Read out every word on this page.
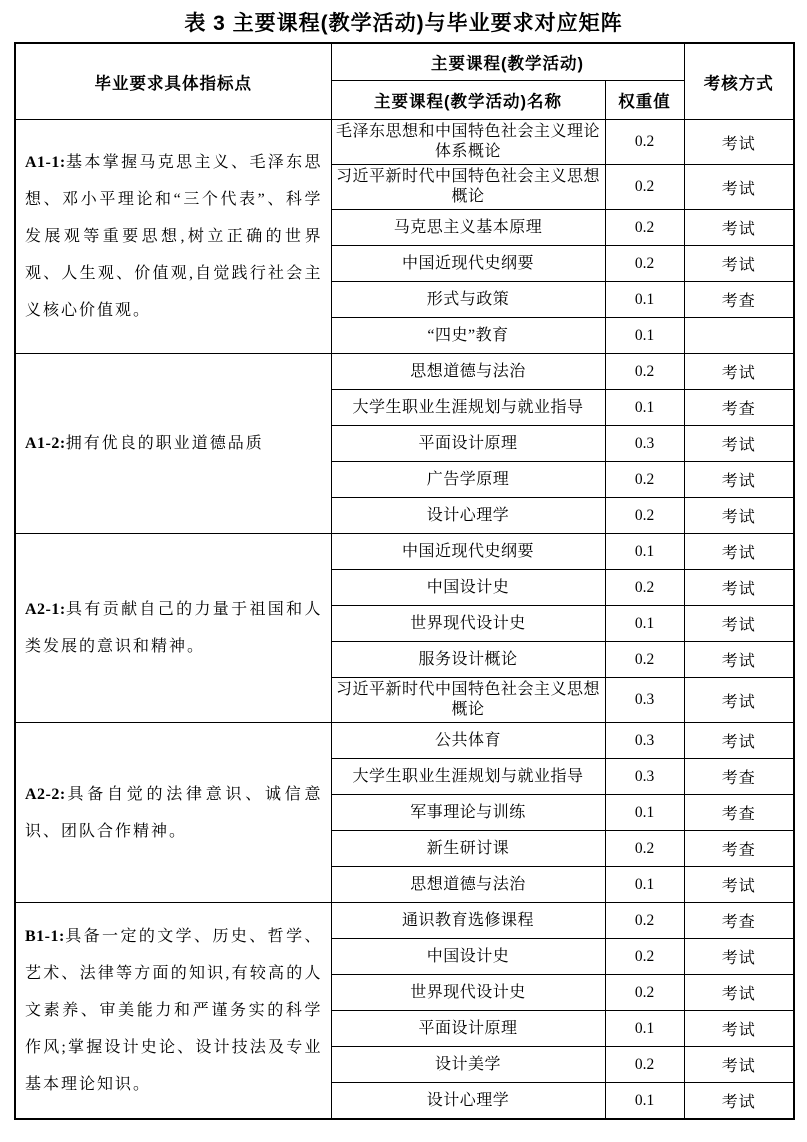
表 3 主要课程(教学活动)与毕业要求对应矩阵
毕业要求具体指标点	主要课程(教学活动)		考核方式
	主要课程(教学活动)名称	权重值	
A1-1:基本掌握马克思主义、毛泽东思想、邓小平理论和“三个代表”、科学发展观等重要思想,树立正确的世界观、人生观、价值观,自觉践行社会主义核心价值观。	毛泽东思想和中国特色社会主义理论体系概论	0.2	考试
	习近平新时代中国特色社会主义思想概论	0.2	考试
	马克思主义基本原理	0.2	考试
	中国近现代史纲要	0.2	考试
	形式与政策	0.1	考查
	“四史”教育	0.1	
A1-2:拥有优良的职业道德品质	思想道德与法治	0.2	考试
	大学生职业生涯规划与就业指导	0.1	考查
	平面设计原理	0.3	考试
	广告学原理	0.2	考试
	设计心理学	0.2	考试
A2-1:具有贡献自己的力量于祖国和人类发展的意识和精神。	中国近现代史纲要	0.1	考试
	中国设计史	0.2	考试
	世界现代设计史	0.1	考试
	服务设计概论	0.2	考试
	习近平新时代中国特色社会主义思想概论	0.3	考试
A2-2:具备自觉的法律意识、诚信意识、团队合作精神。	公共体育	0.3	考试
	大学生职业生涯规划与就业指导	0.3	考查
	军事理论与训练	0.1	考查
	新生研讨课	0.2	考查
	思想道德与法治	0.1	考试
B1-1:具备一定的文学、历史、哲学、艺术、法律等方面的知识,有较高的人文素养、审美能力和严谨务实的科学作风;掌握设计史论、设计技法及专业基本理论知识。	通识教育选修课程	0.2	考查
	中国设计史	0.2	考试
	世界现代设计史	0.2	考试
	平面设计原理	0.1	考试
	设计美学	0.2	考试
	设计心理学	0.1	考试
